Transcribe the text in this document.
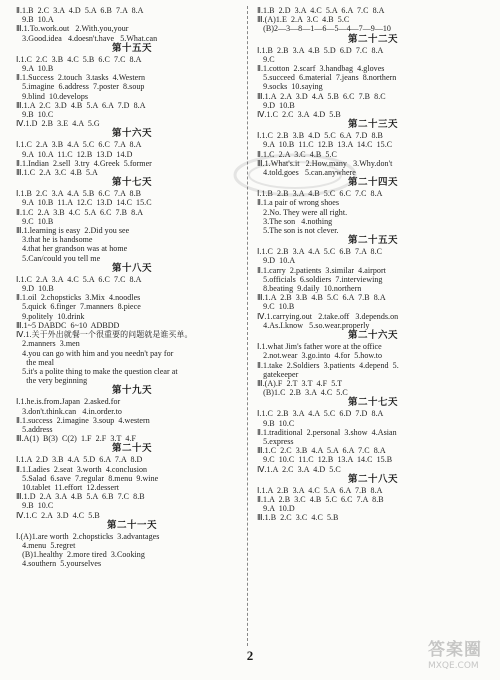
Ⅱ.1.B  2.C  3.A  4.D  5.A  6.B  7.A  8.A
9.B  10.A
Ⅲ.1.To.work.out   2.With.you,your
3.Good.idea   4.doesn't.have   5.What.can
第十五天
Ⅰ.1.C  2.C  3.B  4.C  5.B  6.C  7.C  8.A
9.A  10.B
Ⅱ.1.Success  2.touch  3.tasks  4.Western
5.imagine  6.address  7.poster  8.soup
9.blind  10.develops
Ⅲ.1.A  2.C  3.D  4.B  5.A  6.A  7.D  8.A
9.B  10.C
Ⅳ.1.D  2.B  3.E  4.A  5.G
第十六天
Ⅰ.1.C  2.A  3.B  4.A  5.C  6.C  7.A  8.A
9.A  10.A  11.C  12.B  13.D  14.D
Ⅱ.1.Indian  2.sell  3.try  4.Greek  5.former
Ⅲ.1.C  2.A  3.C  4.B  5.A
第十七天
Ⅰ.1.B  2.C  3.A  4.A  5.B  6.C  7.A  8.B
9.A  10.B  11.A  12.C  13.D  14.C  15.C
Ⅱ.1.C  2.A  3.B  4.C  5.A  6.C  7.B  8.A
9.C  10.B
Ⅲ.1.learning is easy  2.Did you see
3.that he is handsome
4.that her grandson was at home
5.Can/could you tell me
第十八天
Ⅰ.1.C  2.A  3.A  4.C  5.A  6.C  7.C  8.A
9.D  10.B
Ⅱ.1.oil  2.chopsticks  3.Mix  4.noodles
5.quick  6.finger  7.manners  8.piece
9.politely  10.drink
Ⅲ.1~5 DABDC  6~10  ADBDD
Ⅳ.1.关于外出就餐一个很重要的问题就是谁买单。
2.manners  3.men
4.you can go with him and you needn't pay for
the meal
5.it's a polite thing to make the question clear at
the very beginning
第十九天
Ⅰ.1.he.is.from.Japan  2.asked.for
3.don't.think.can   4.in.order.to
Ⅱ.1.success  2.imagine  3.soup  4.western
5.address
Ⅲ.A(1)  B(3)  C(2)  1.F  2.F  3.T  4.F
第二十天
Ⅰ.1.A  2.D  3.B  4.A  5.D  6.A  7.A  8.D
Ⅱ.1.Ladies  2.seat  3.worth  4.conclusion
5.Salad  6.save  7.regular  8.menu  9.wine
10.tablet  11.effort  12.dessert
Ⅲ.1.D  2.A  3.A  4.B  5.A  6.B  7.C  8.B
9.B  10.C
Ⅳ.1.C  2.A  3.D  4.C  5.B
第二十一天
Ⅰ.(A)1.are worth  2.chopsticks  3.advantages
4.menu  5.regret
(B)1.healthy  2.more tired  3.Cooking
4.southern  5.yourselves
Ⅱ.1.B  2.D  3.A  4.C  5.A  6.A  7.C  8.A
Ⅲ.(A)1.E  2.A  3.C  4.B  5.C
(B)2—3—8—1—6—5—4—7—9—10
第二十二天
Ⅰ.1.B  2.B  3.A  4.B  5.D  6.D  7.C  8.A
9.C
Ⅱ.1.cotton  2.scarf  3.handbag  4.gloves
5.succeed  6.material  7.jeans  8.northern
9.socks  10.saying
Ⅲ.1.A  2.A  3.D  4.A  5.B  6.C  7.B  8.C
9.D  10.B
Ⅳ.1.C  2.C  3.A  4.D  5.B
第二十三天
Ⅰ.1.C  2.B  3.B  4.D  5.C  6.A  7.D  8.B
9.A  10.B  11.C  12.B  13.A  14.C  15.C
Ⅱ.1.C  2.A  3.C  4.B  5.C
Ⅲ.1.What's.it   2.How.many   3.Why.don't
4.told.goes   5.can.anywhere
第二十四天
Ⅰ.1.B  2.B  3.A  4.B  5.C  6.C  7.C  8.A
Ⅱ.1.a pair of wrong shoes
2.No. They were all right.
3.The son   4.nothing
5.The son is not clever.
第二十五天
Ⅰ.1.C  2.B  3.A  4.A  5.C  6.B  7.A  8.C
9.D  10.A
Ⅱ.1.carry  2.patients  3.similar  4.airport
5.officials  6.soldiers  7.interviewing
8.beating  9.daily  10.northern
Ⅲ.1.A  2.B  3.B  4.B  5.C  6.A  7.B  8.A
9.C  10.B
Ⅳ.1.carrying.out   2.take.off   3.depends.on
4.As.I.know   5.so.wear.properly
第二十六天
Ⅰ.1.what Jim's father wore at the office
2.not.wear  3.go.into  4.for  5.how.to
Ⅱ.1.take  2.Soldiers  3.patients  4.depend  5.
gatekeeper
Ⅲ.(A).F  2.T  3.T  4.F  5.T
(B)1.C  2.B  3.A  4.C  5.C
第二十七天
Ⅰ.1.C  2.B  3.A  4.A  5.C  6.D  7.D  8.A
9.B  10.C
Ⅱ.1.traditional  2.personal  3.show  4.Asian
5.express
Ⅲ.1.C  2.C  3.B  4.A  5.A  6.A  7.C  8.A
9.C  10.C  11.C  12.B  13.A  14.C  15.B
Ⅳ.1.A  2.C  3.A  4.D  5.C
第二十八天
Ⅰ.1.A  2.B  3.A  4.C  5.A  6.A  7.B  8.A
Ⅱ.1.A  2.B  3.C  4.B  5.C  6.C  7.A  8.B
9.A  10.D
Ⅲ.1.B  2.C  3.C  4.C  5.B
2	答案圈
MXQE.COM
